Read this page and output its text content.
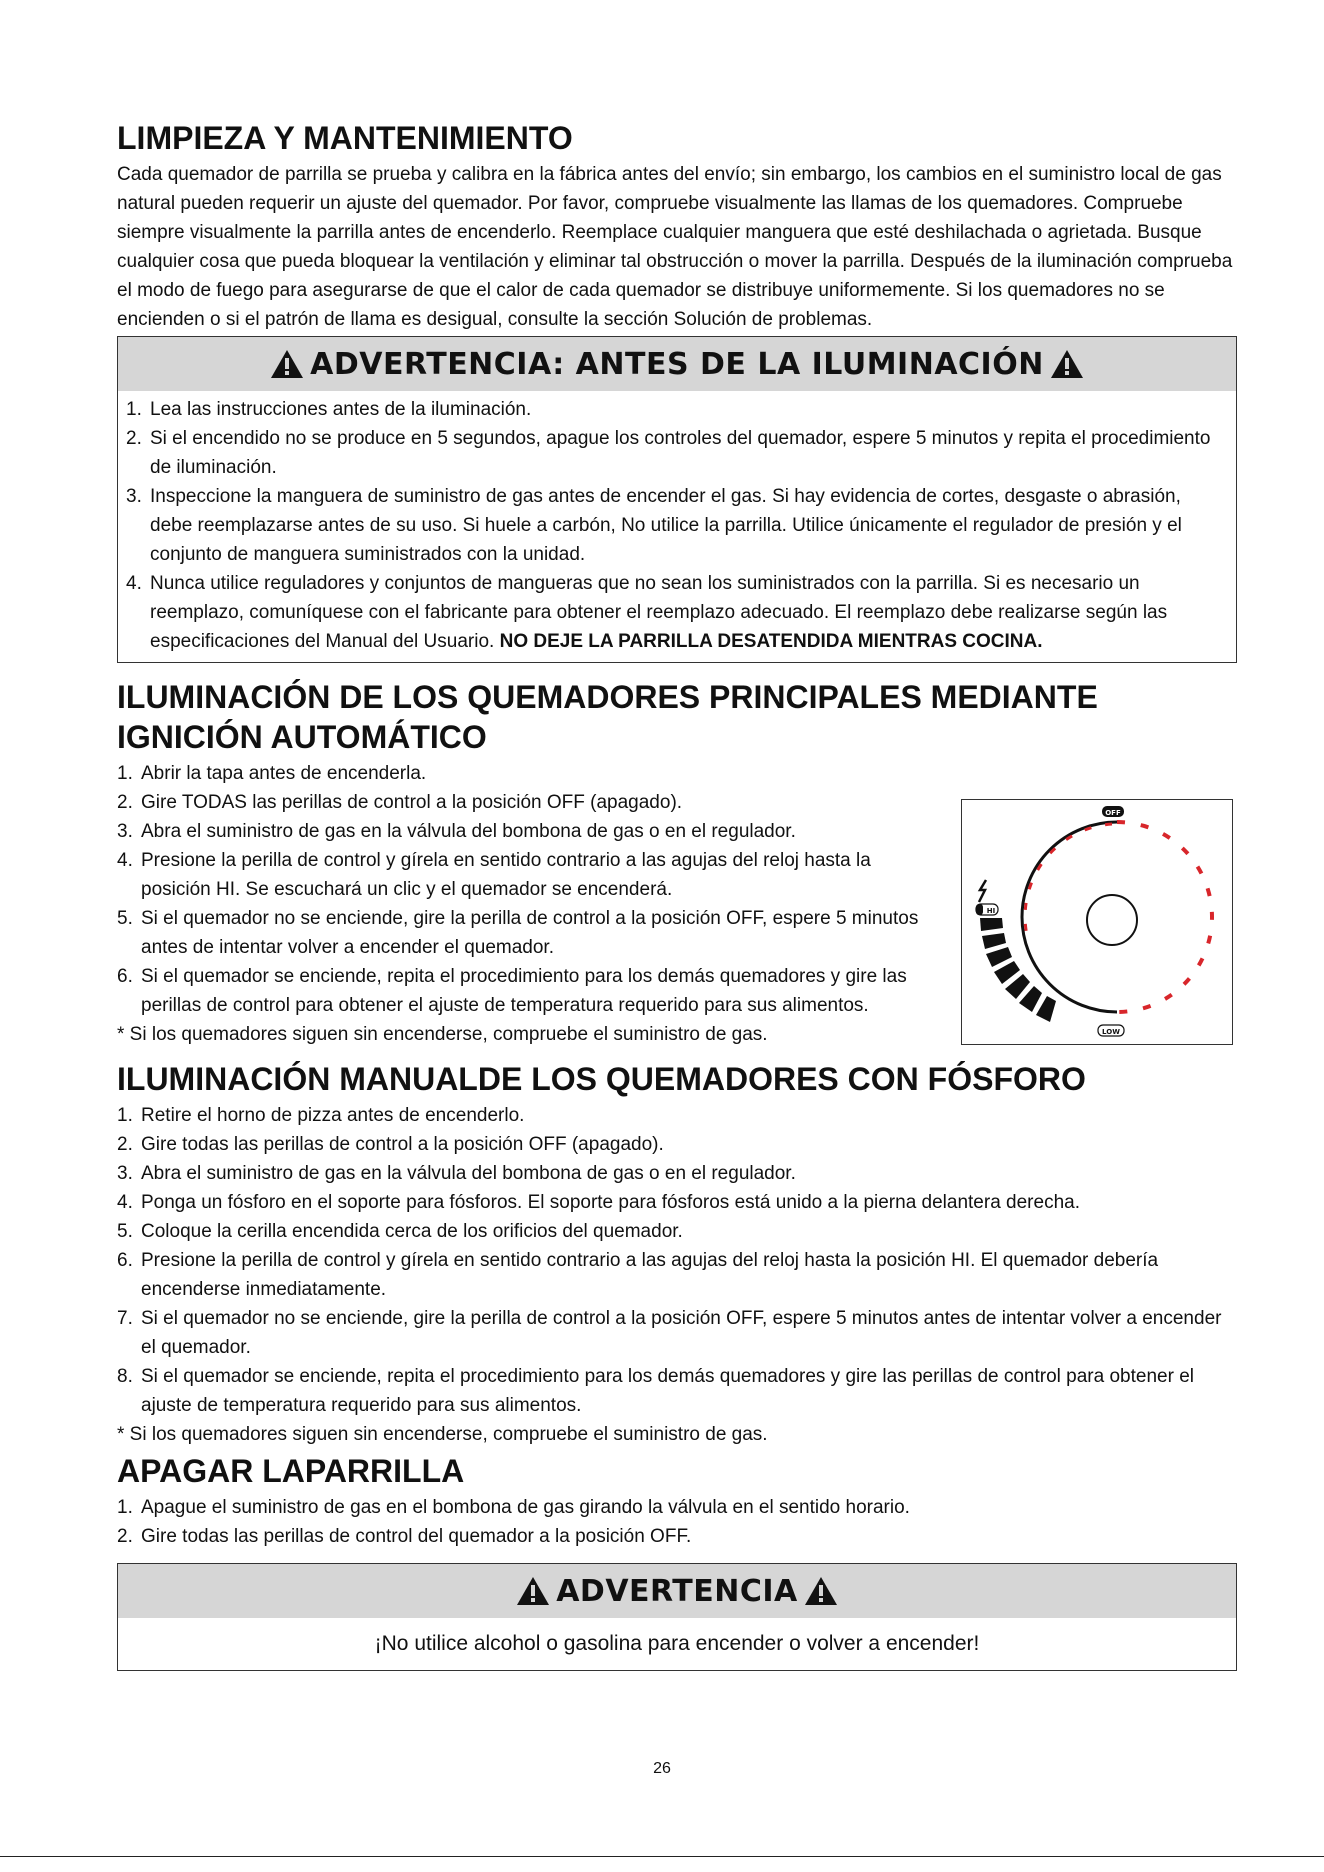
LIMPIEZA Y MANTENIMIENTO

Cada quemador de parrilla se prueba y calibra en la fábrica antes del envío; sin embargo, los cambios en el suministro local de gas natural pueden requerir un ajuste del quemador. Por favor, compruebe visualmente las llamas de los quemadores. Compruebe siempre visualmente la parrilla antes de encenderlo. Reemplace cualquier manguera que esté deshilachada o agrietada. Busque cualquier cosa que pueda bloquear la ventilación y eliminar tal obstrucción o mover la parrilla. Después de la iluminación comprueba el modo de fuego para asegurarse de que el calor de cada quemador se distribuye uniformemente. Si los quemadores no se encienden o si el patrón de llama es desigual, consulte la sección Solución de problemas.

ADVERTENCIA: ANTES DE LA ILUMINACIÓN
1. Lea las instrucciones antes de la iluminación.
2. Si el encendido no se produce en 5 segundos, apague los controles del quemador, espere 5 minutos y repita el procedimiento de iluminación.
3. Inspeccione la manguera de suministro de gas antes de encender el gas. Si hay evidencia de cortes, desgaste o abrasión, debe reemplazarse antes de su uso. Si huele a carbón, No utilice la parrilla. Utilice únicamente el regulador de presión y el conjunto de manguera suministrados con la unidad.
4. Nunca utilice reguladores y conjuntos de mangueras que no sean los suministrados con la parrilla. Si es necesario un reemplazo, comuníquese con el fabricante para obtener el reemplazo adecuado. El reemplazo debe realizarse según las especificaciones del Manual del Usuario. NO DEJE LA PARRILLA DESATENDIDA MIENTRAS COCINA.
ILUMINACIÓN DE LOS QUEMADORES PRINCIPALES MEDIANTE
IGNICIÓN AUTOMÁTICO
1. Abrir la tapa antes de encenderla.
2. Gire TODAS las perillas de control a la posición OFF (apagado).
3. Abra el suministro de gas en la válvula del bombona de gas o en el regulador.
4. Presione la perilla de control y gírela en sentido contrario a las agujas del reloj hasta la posición HI. Se escuchará un clic y el quemador se encenderá.
5. Si el quemador no se enciende, gire la perilla de control a la posición OFF, espere 5 minutos antes de intentar volver a encender el quemador.
6. Si el quemador se enciende, repita el procedimiento para los demás quemadores y gire las perillas de control para obtener el ajuste de temperatura requerido para sus alimentos.

* Si los quemadores siguen sin encenderse, compruebe el suministro de gas.

OFF
HI
LOW
ILUMINACIÓN MANUALDE LOS QUEMADORES CON FÓSFORO
1. Retire el horno de pizza antes de encenderlo.
2. Gire todas las perillas de control a la posición OFF (apagado).
3. Abra el suministro de gas en la válvula del bombona de gas o en el regulador.
4. Ponga un fósforo en el soporte para fósforos. El soporte para fósforos está unido a la pierna delantera derecha.
5. Coloque la cerilla encendida cerca de los orificios del quemador.
6. Presione la perilla de control y gírela en sentido contrario a las agujas del reloj hasta la posición HI. El quemador debería encenderse inmediatamente.
7. Si el quemador no se enciende, gire la perilla de control a la posición OFF, espere 5 minutos antes de intentar volver a encender el quemador.
8. Si el quemador se enciende, repita el procedimiento para los demás quemadores y gire las perillas de control para obtener el ajuste de temperatura requerido para sus alimentos.

* Si los quemadores siguen sin encenderse, compruebe el suministro de gas.

APAGAR LAPARRILLA
1. Apague el suministro de gas en el bombona de gas girando la válvula en el sentido horario.
2. Gire todas las perillas de control del quemador a la posición OFF.
ADVERTENCIA
¡No utilice alcohol o gasolina para encender o volver a encender!
26
